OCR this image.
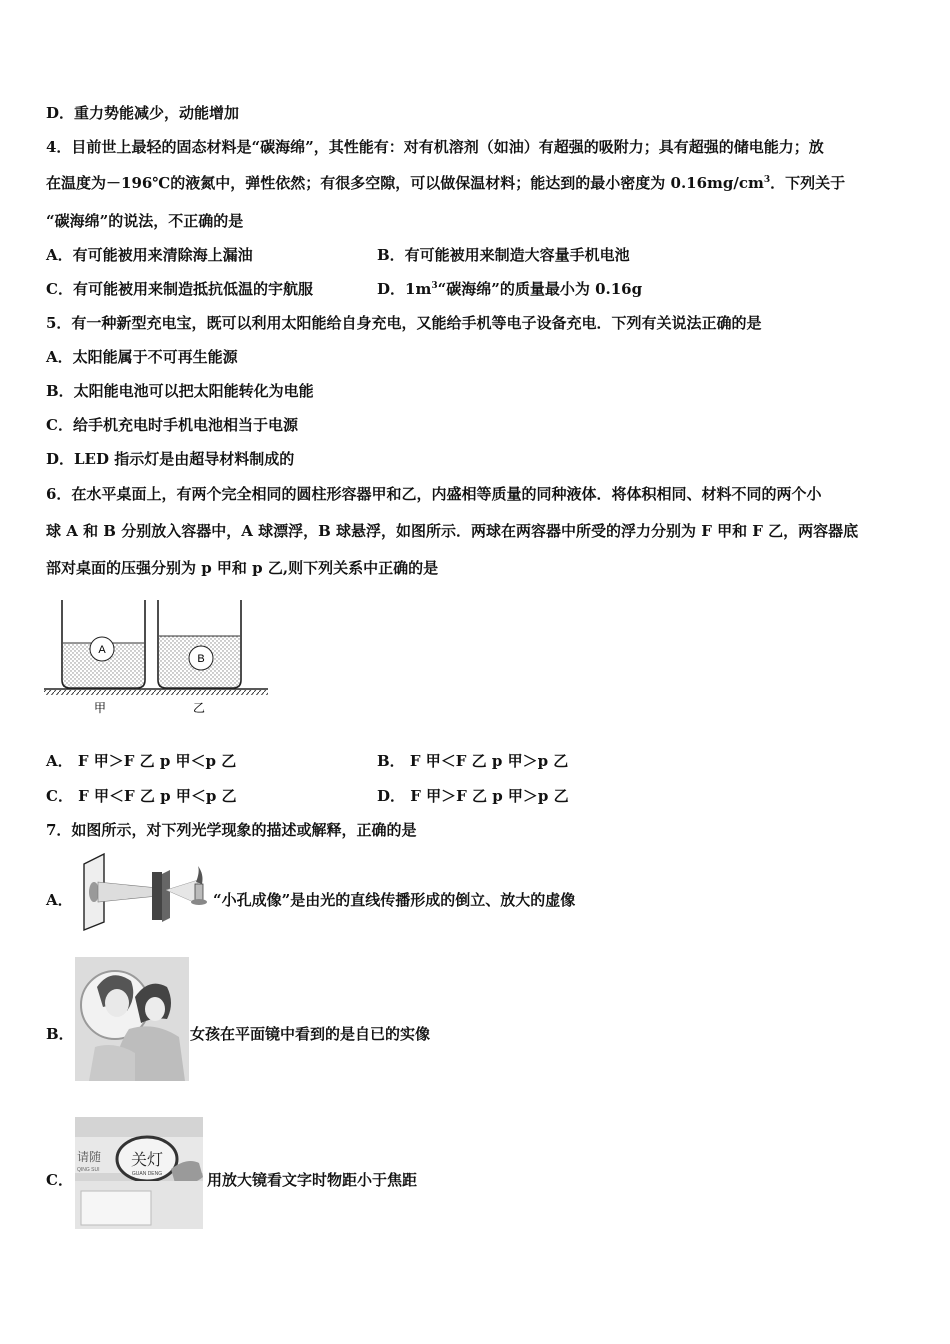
D．重力势能减少，动能增加
4．目前世上最轻的固态材料是“碳海绵”，其性能有：对有机溶剂（如油）有超强的吸附力；具有超强的储电能力；放
在温度为－196℃的液氮中，弹性依然；有很多空隙，可以做保温材料；能达到的最小密度为 $0.16mg/cm^3$．下列关于
“碳海绵”的说法，不正确的是
A．有可能被用来清除海上漏油	B．有可能被用来制造大容量手机电池
C．有可能被用来制造抵抗低温的宇航服	D．$1m^3“$碳海绵”的质量最小为 0.16g
5．有一种新型充电宝，既可以利用太阳能给自身充电，又能给手机等电子设备充电．下列有关说法正确的是
A．太阳能属于不可再生能源
B．太阳能电池可以把太阳能转化为电能
C．给手机充电时手机电池相当于电源
D．LED 指示灯是由超导材料制成的
6．在水平桌面上，有两个完全相同的圆柱形容器甲和乙，内盛相等质量的同种液体．将体积相同、材料不同的两个小
球 A 和 B 分别放入容器中，A 球漂浮，B 球悬浮，如图所示．两球在两容器中所受的浮力分别为 F 甲和 F 乙，两容器底
部对桌面的压强分别为 p 甲和 p 乙,则下列关系中正确的是
A
B
甲	乙
A． F 甲＞F 乙 p 甲＜p 乙	B． F 甲＜F 乙 p 甲＞p 乙
C． F 甲＜F 乙 p 甲＜p 乙	D． F 甲＞F 乙 p 甲＞p 乙
7．如图所示，对下列光学现象的描述或解释，正确的是
A．	“小孔成像”是由光的直线传播形成的倒立、放大的虚像
B．	女孩在平面镜中看到的是自已的实像
C．
请随
QING SUI
关灯
GUAN DENG	用放大镜看文字时物距小于焦距
